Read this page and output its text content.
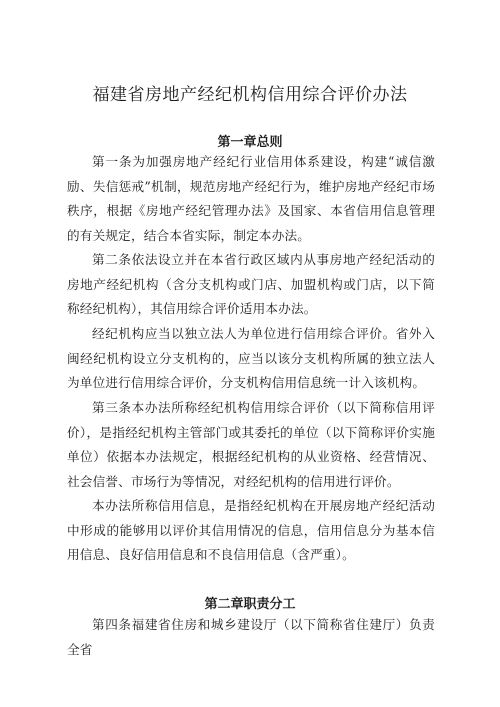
福建省房地产经纪机构信用综合评价办法
第一章总则

第一条为加强房地产经纪行业信用体系建设，构建“诚信激励、失信惩戒”机制，规范房地产经纪行为，维护房地产经纪市场秩序，根据《房地产经纪管理办法》及国家、本省信用信息管理的有关规定，结合本省实际，制定本办法。

第二条依法设立并在本省行政区域内从事房地产经纪活动的房地产经纪机构（含分支机构或门店、加盟机构或门店，以下简称经纪机构），其信用综合评价适用本办法。

经纪机构应当以独立法人为单位进行信用综合评价。省外入闽经纪机构设立分支机构的，应当以该分支机构所属的独立法人为单位进行信用综合评价，分支机构信用信息统一计入该机构。

第三条本办法所称经纪机构信用综合评价（以下简称信用评价），是指经纪机构主管部门或其委托的单位（以下简称评价实施单位）依据本办法规定，根据经纪机构的从业资格、经营情况、社会信誉、市场行为等情况，对经纪机构的信用进行评价。

本办法所称信用信息，是指经纪机构在开展房地产经纪活动中形成的能够用以评价其信用情况的信息，信用信息分为基本信用信息、良好信用信息和不良信用信息（含严重）。

第二章职责分工

第四条福建省住房和城乡建设厅（以下简称省住建厅）负责全省
